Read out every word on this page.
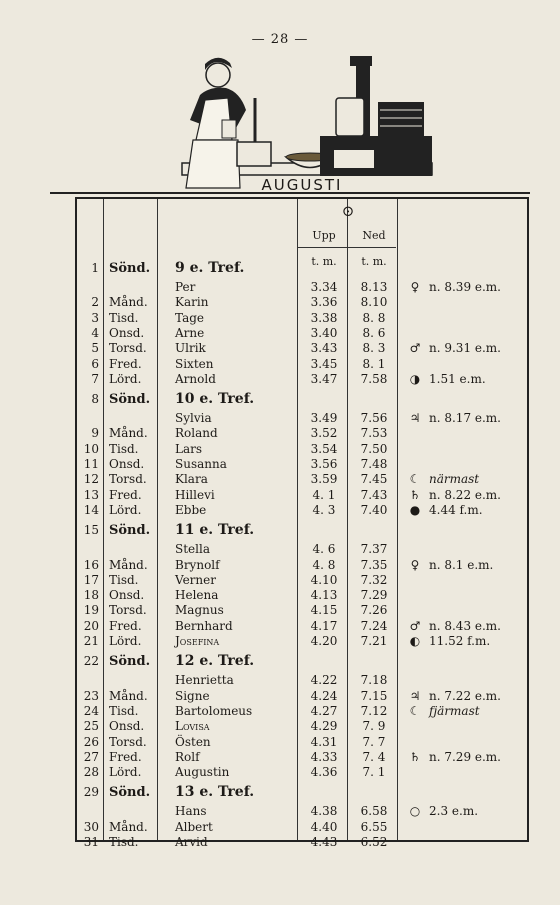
— 28 —
AUGUSTI
⊙
Upp	Ned
t. m.	t. m.
1 Sönd. 9 e. Tref.
Per	3.34	8.13	♀ n. 8.39 e.m.
2 Månd. Karin	3.36	8.10
3 Tisd.	Tage	3.38	8. 8
4 Onsd.	Arne	3.40	8. 6
5 Torsd. Ulrik	3.43	8. 3	♂ n. 9.31 e.m.
6 Fred.	Sixten	3.45	8. 1
7 Lörd.	Arnold	3.47	7.58	◑ 1.51 e.m.
8 Sönd. 10 e. Tref.
Sylvia	3.49	7.56	♃ n. 8.17 e.m.
9 Månd. Roland	3.52	7.53
10 Tisd.	Lars	3.54	7.50
11 Onsd.	Susanna	3.56	7.48
12 Torsd. Klara	3.59	7.45	☾ närmast
13 Fred.	Hillevi	4. 1	7.43	♄ n. 8.22 e.m.
14 Lörd.	Ebbe	4. 3	7.40	● 4.44 f.m.
15 Sönd. 11 e. Tref.
Stella	4. 6	7.37
16 Månd. Brynolf	4. 8	7.35	♀ n. 8.1 e.m.
17 Tisd.	Verner	4.10	7.32
18 Onsd.	Helena	4.13	7.29
19 Torsd. Magnus	4.15	7.26
20 Fred.	Bernhard	4.17	7.24	♂ n. 8.43 e.m.
21 Lörd.	Josefina	4.20	7.21	◐ 11.52 f.m.
22 Sönd. 12 e. Tref.
Henrietta	4.22	7.18
23 Månd. Signe	4.24	7.15	♃ n. 7.22 e.m.
24 Tisd.	Bartolomeus	4.27	7.12	☾ fjärmast
25 Onsd.	Lovisa	4.29	7. 9
26 Torsd. Östen	4.31	7. 7
27 Fred.	Rolf	4.33	7. 4	♄ n. 7.29 e.m.
28 Lörd.	Augustin	4.36	7. 1
29 Sönd. 13 e. Tref.
Hans	4.38	6.58	○ 2.3 e.m.
30 Månd. Albert	4.40	6.55
31 Tisd.	Arvid	4.43	6.52
